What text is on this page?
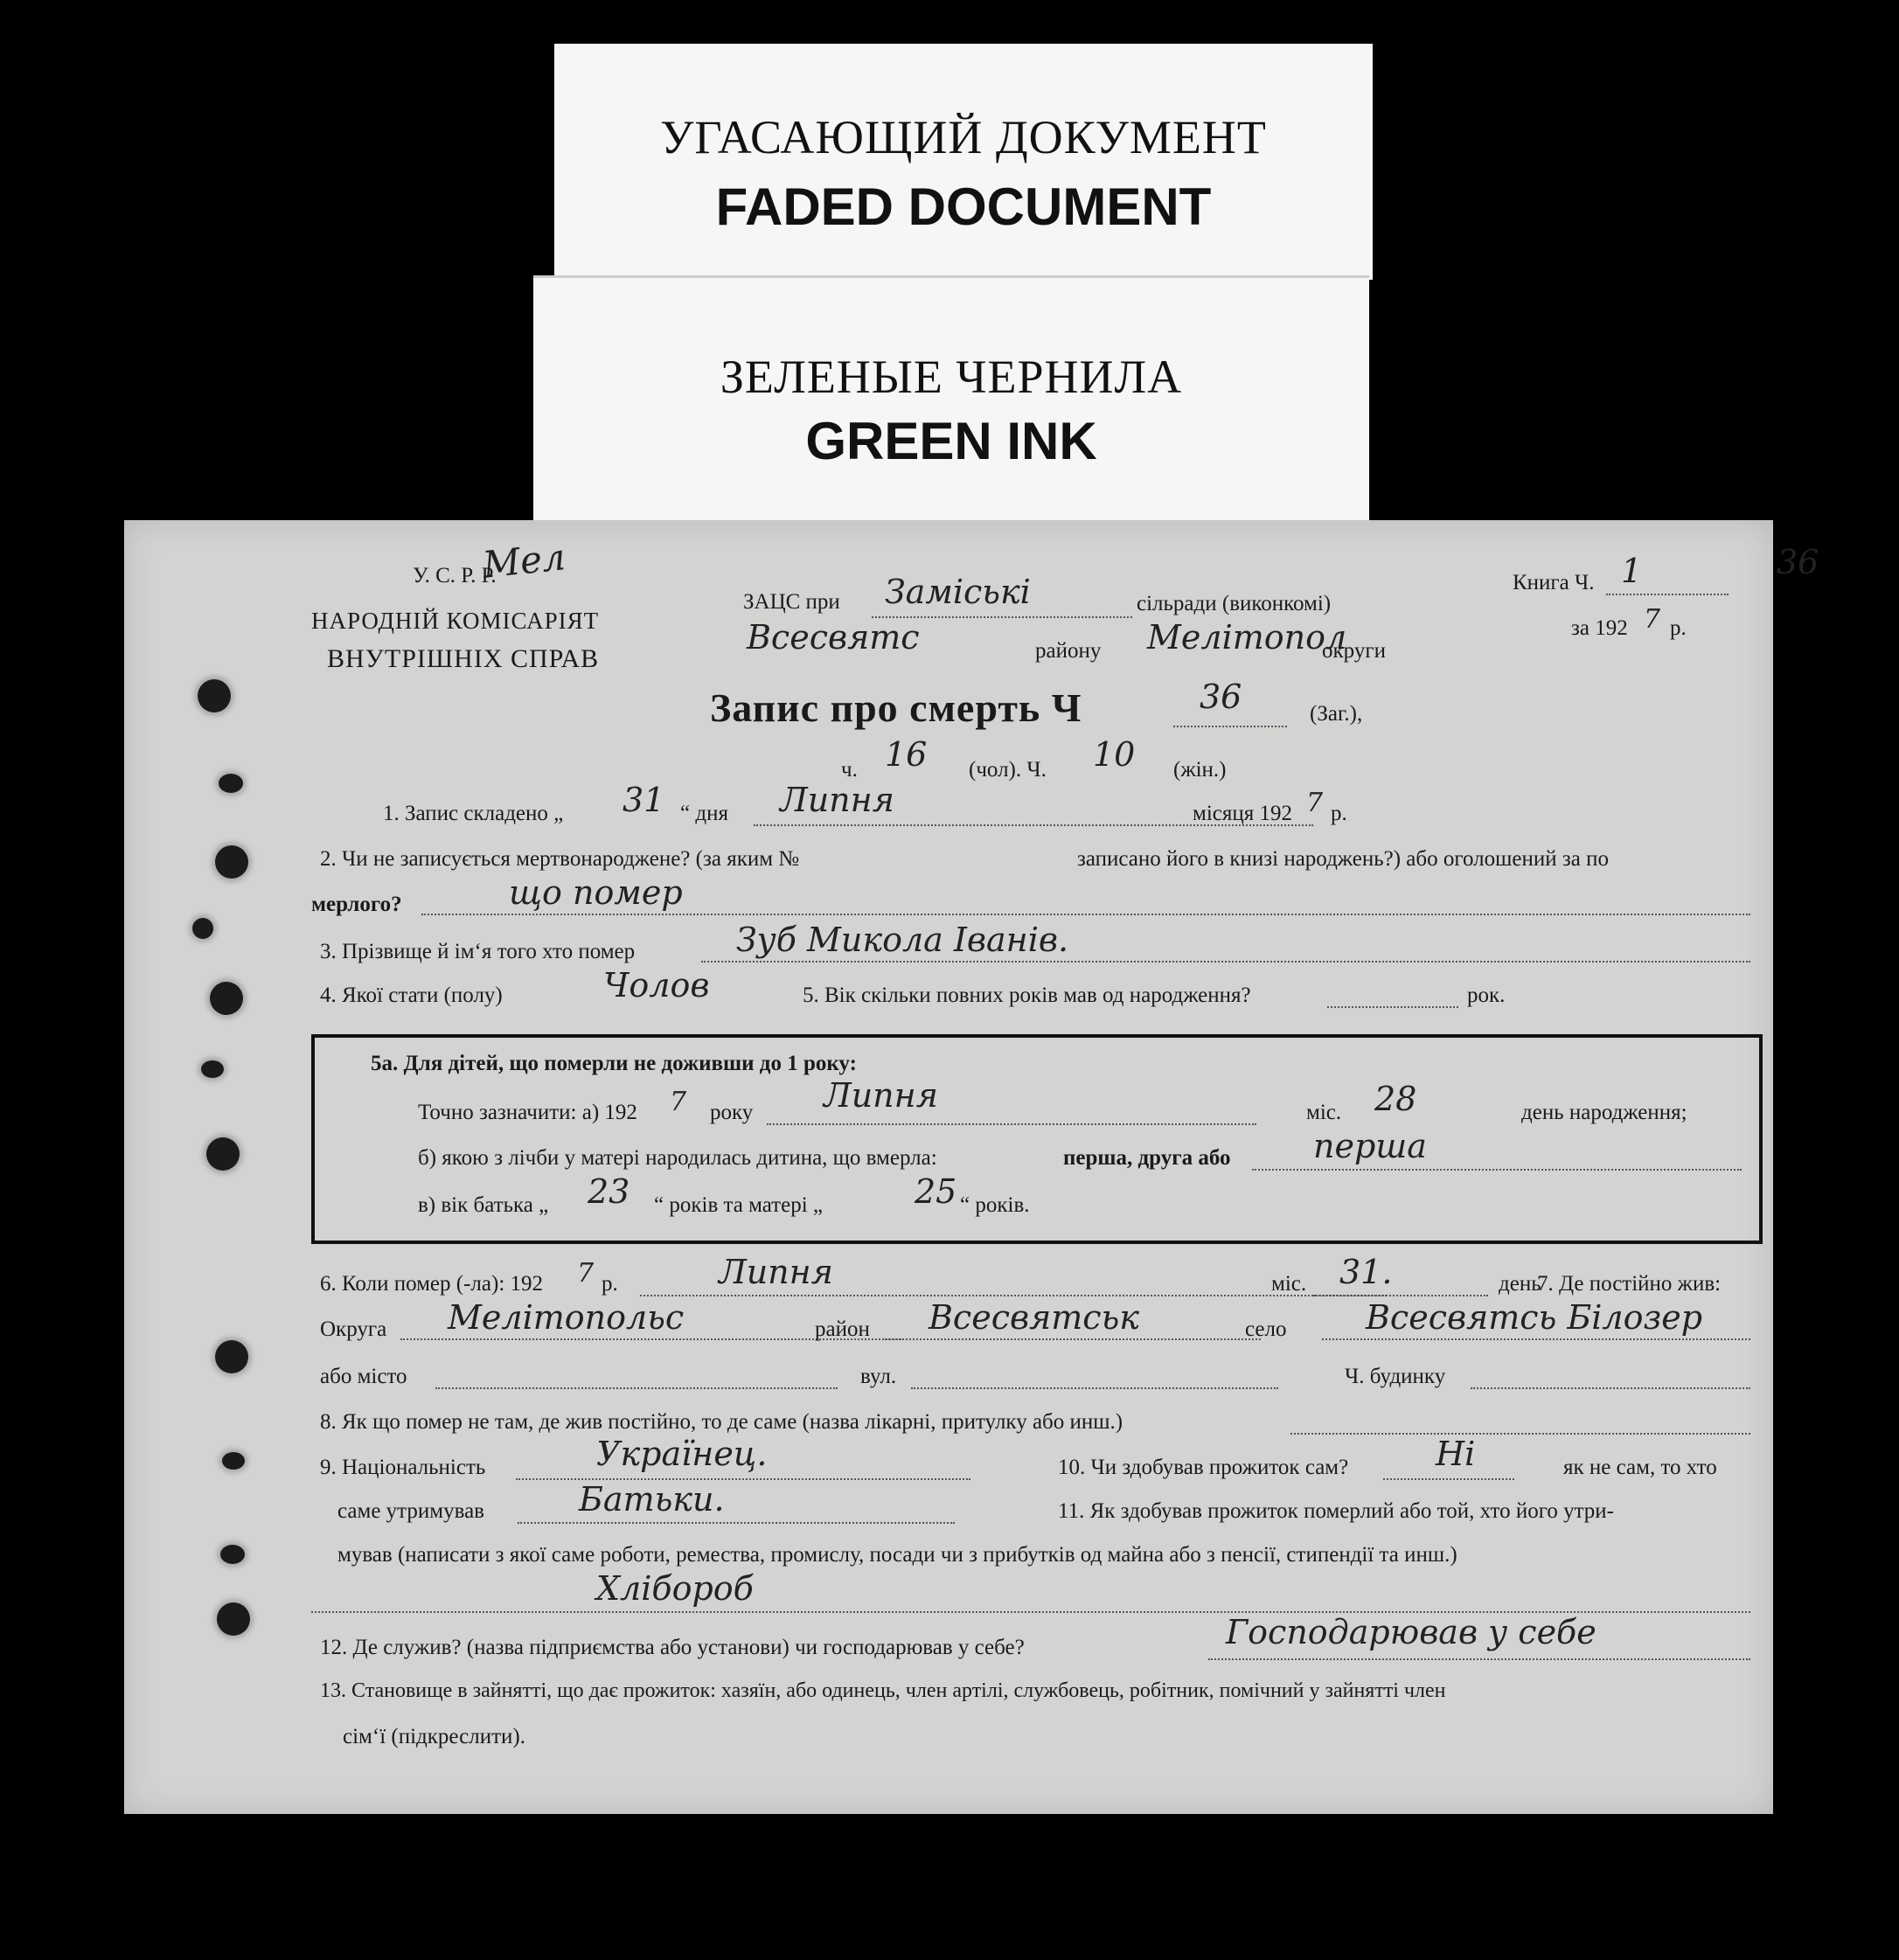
УГАСАЮЩИЙ ДОКУМЕНТ
FADED DOCUMENT
ЗЕЛЕНЫЕ ЧЕРНИЛА
GREEN INK
Мел
У. С. Р. Р.
НАРОДНІЙ КОМІСАРІЯТ
ВНУТРІШНІХ СПРАВ
ЗАЦС при Заміські	сільради (виконкомі)
Всесвятс	району Мелітопол
округи
Книга Ч. 1	36
за 192 7 р.
Запис про смерть Ч	36	(Заг.),
ч. 16 (чол). Ч. 10 (жін.)
1. Запис складено „ 31 “ дня Липня	місяця 192 7 р.
2. Чи не записується мертвонароджене? (за яким №	записано його в книзі народжень?) або оголошений за по
мерлого?	що помер
3. Прізвище й ім‘я того хто помер	Зуб Микола Іванів.
4. Якої стати (полу)	Чолов	5. Вік скільки повних років мав од народження?	рок.
5а. Для дітей, що померли не доживши до 1 року:
Точно зазначити: а) 192 7 року Липня	міс. 28	день народження;
б) якою з лічби у матері народилась дитина, що вмерла:	перша, друга або перша
в) вік батька „ 23 “ років та матері „	25 “ років.
6. Коли помер (-ла): 192 7 р.	Липня	міс. 31.	день
7. Де постійно жив:
Округа Мелітопольс	район Всесвятськ	село Всесвятсь Білозер
або місто	вул.	Ч. будинку
8. Як що помер не там, де жив постійно, то де саме (назва лікарні, притулку або инш.)
9. Національність	Українец.	10. Чи здобував прожиток сам?	Ні	як не сам, то хто
саме утримував	Батьки.	11. Як здобував прожиток померлий або той, хто його утри-
мував (написати з якої саме роботи, ремества, промислу, посади чи з прибутків од майна або з пенсії, стипендії та инш.)
Хлібороб
12. Де служив? (назва підприємства або установи) чи господарював у себе?	Господарював у себе
13. Становище в зайнятті, що дає прожиток: хазяїн, або одинець, член артілі, службовець, робітник, помічний у зайнятті член
сім‘ї (підкреслити).
